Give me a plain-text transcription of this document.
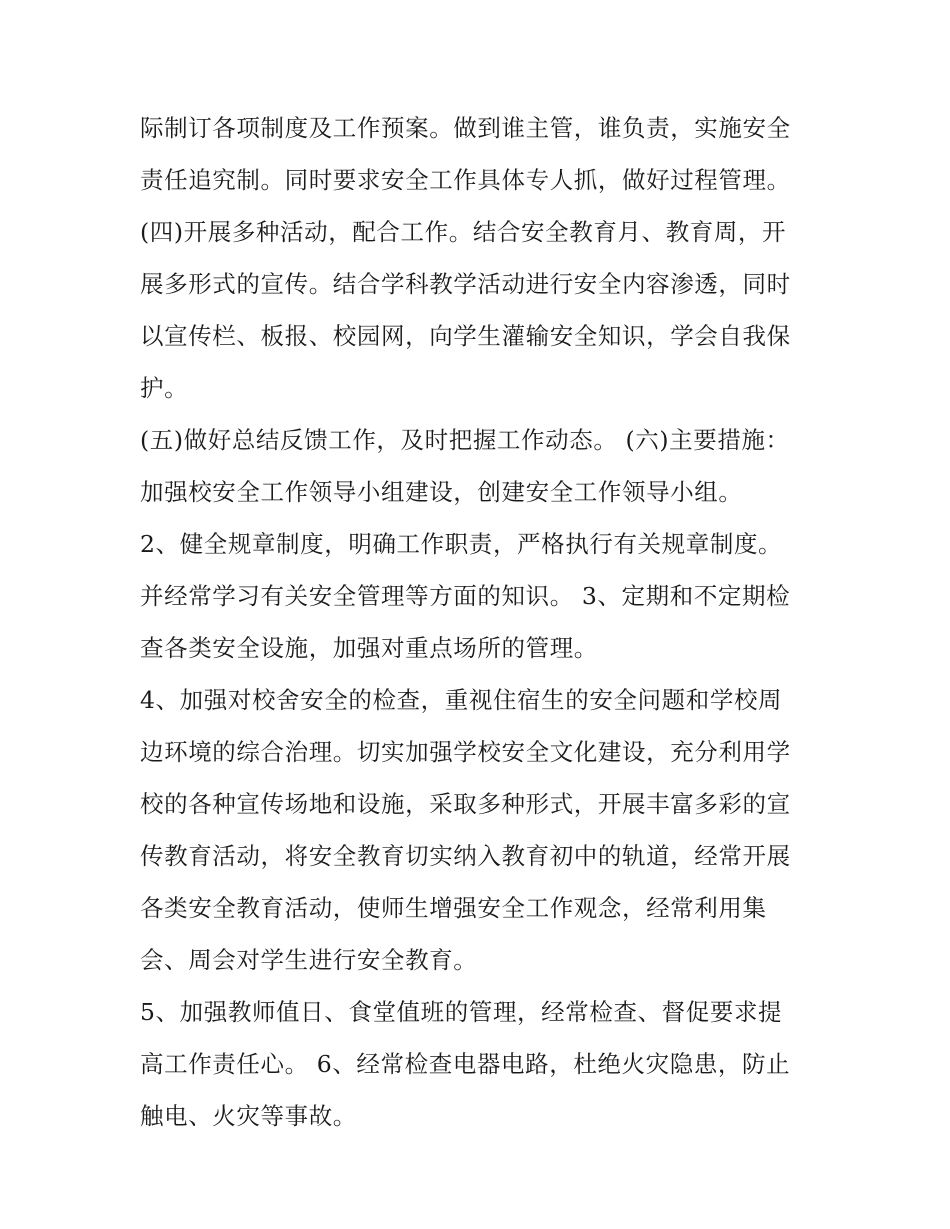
际制订各项制度及工作预案。做到谁主管，谁负责，实施安全
责任追究制。同时要求安全工作具体专人抓，做好过程管理。
(四)开展多种活动，配合工作。结合安全教育月、教育周，开
展多形式的宣传。结合学科教学活动进行安全内容渗透，同时
以宣传栏、板报、校园网，向学生灌输安全知识，学会自我保
护。
(五)做好总结反馈工作，及时把握工作动态。 (六)主要措施：
加强校安全工作领导小组建设，创建安全工作领导小组。
2、健全规章制度，明确工作职责，严格执行有关规章制度。
并经常学习有关安全管理等方面的知识。 3、定期和不定期检
查各类安全设施，加强对重点场所的管理。
4、加强对校舍安全的检查，重视住宿生的安全问题和学校周
边环境的综合治理。切实加强学校安全文化建设，充分利用学
校的各种宣传场地和设施，采取多种形式，开展丰富多彩的宣
传教育活动，将安全教育切实纳入教育初中的轨道，经常开展
各类安全教育活动，使师生增强安全工作观念，经常利用集
会、周会对学生进行安全教育。
5、加强教师值日、食堂值班的管理，经常检查、督促要求提
高工作责任心。 6、经常检查电器电路，杜绝火灾隐患，防止
触电、火灾等事故。
